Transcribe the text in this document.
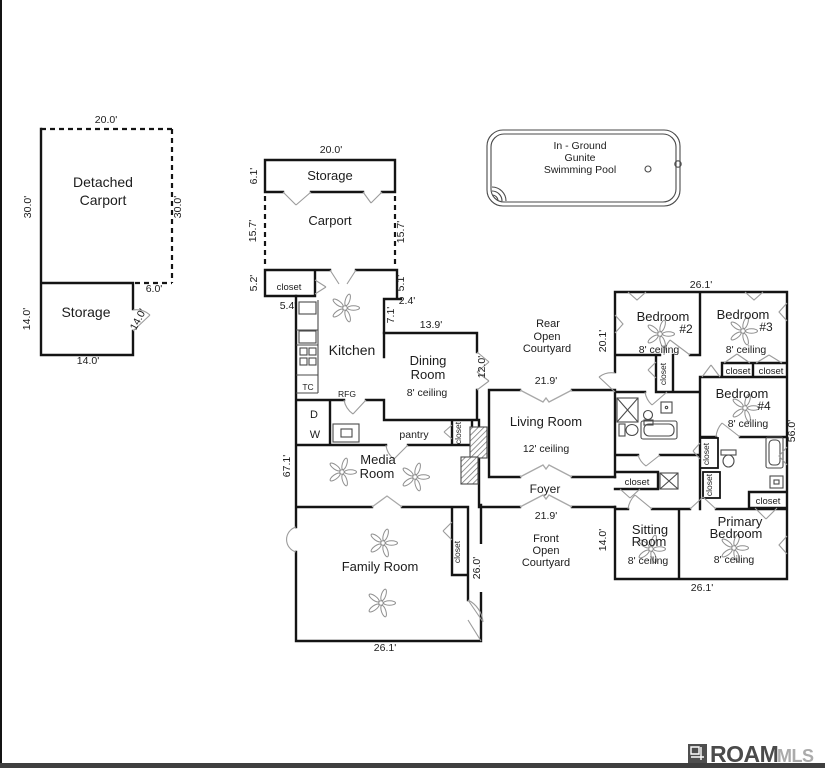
20.0'
30.0'	30.0'
Detached
Carport
Storage
14.0'
6.0'
14.0'
14.0'
20.0'
Storage
6.1'
Carport
15.7'	15.7'
closet
5.2'
5.4'
5.1'
7.1'
2.4'
In - Ground
Gunite
Swimming Pool
13.9'
Kitchen
TC
RFG
D
W
Dining
Room
8' ceiling
12.0'
pantry	closet
Rear
Open
Courtyard 20.1'
21.9'
Living Room
12' ceiling
Media
Room
Foyer
21.9'
Front
Open
Courtyard
Family Room
closet
26.0'
26.1'
67.1'
26.1'
Bedroom
#2
8' ceiling
Bedroom
#3
8' ceiling
closet	closet closet
Bedroom
#4
8' ceiling 56.0'
closet
closet
closet
closet
Sitting
Room
8' ceiling
14.0'
Primary
Bedroom
8' ceiling
26.1'
ROAM
MLS
